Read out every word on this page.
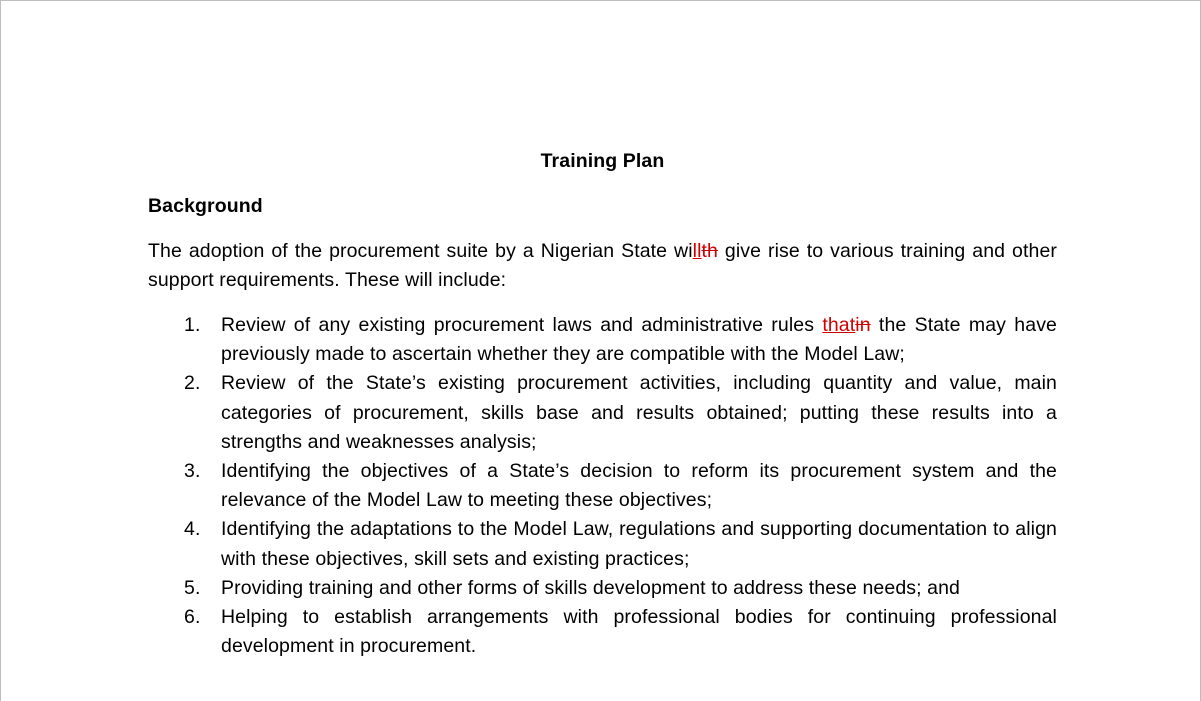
Training Plan
Background

The adoption of the procurement suite by a Nigerian State willth give rise to various training and other support requirements. These will include:

1. Review of any existing procurement laws and administrative rules thatin the State may have previously made to ascertain whether they are compatible with the Model Law;
2. Review of the State’s existing procurement activities, including quantity and value, main categories of procurement, skills base and results obtained; putting these results into a strengths and weaknesses analysis;
3. Identifying the objectives of a State’s decision to reform its procurement system and the relevance of the Model Law to meeting these objectives;
4. Identifying the adaptations to the Model Law, regulations and supporting documentation to align with these objectives, skill sets and existing practices;
5. Providing training and other forms of skills development to address these needs; and
6. Helping to establish arrangements with professional bodies for continuing professional development in procurement.
